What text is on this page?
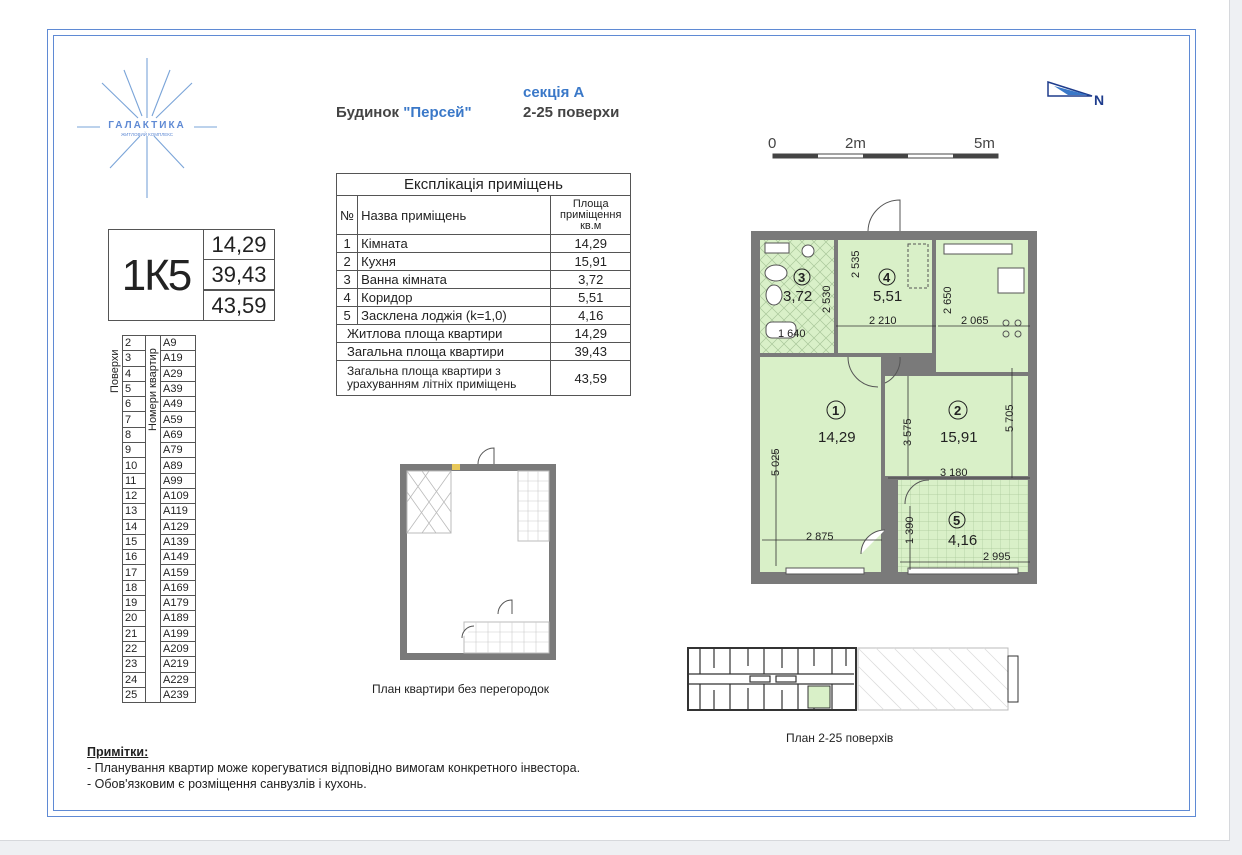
ГАЛАКТИКА
ЖИТЛОВИЙ КОМПЛЕКС
Будинок "Персей"
секція А
2-25 поверхи
N
0	2m	5m
1К5
14,29
39,43
43,59
Поверхи	2	Номери квартир	А9
	3		А19
	4		А29
	5		А39
	6		А49
	7		А59
	8		А69
	9		А79
	10		А89
	11		А99
	12		А109
	13		А119
	14		А129
	15		А139
	16		А149
	17		А159
	18		А169
	19		А179
	20		А189
	21		А199
	22		А209
	23		А219
	24		А229
	25		А239
Експлікація приміщень		
№	Назва приміщень	Площа приміщення кв.м
1	Кімната	14,29
2	Кухня	15,91
3	Ванна кімната	3,72
4	Коридор	5,51
5	Засклена лоджія (k=1,0)	4,16
Житлова площа квартири		14,29
Загальна площа квартири		39,43
Загальна площа квартири з урахуванням літніх приміщень		43,59
2 535
2 530
1 640
2 210
2 650
2 065
5 025
3 575
5 705
3 180
2 875	1 390
2 995
3
3,72
4
5,51
1
14,29
2
15,91
5
4,16
План квартири без перегородок
План 2-25 поверхів
Примітки:
- Планування квартир може корегуватися відповідно вимогам конкретного інвестора.
- Обов'язковим є розміщення санвузлів і кухонь.
